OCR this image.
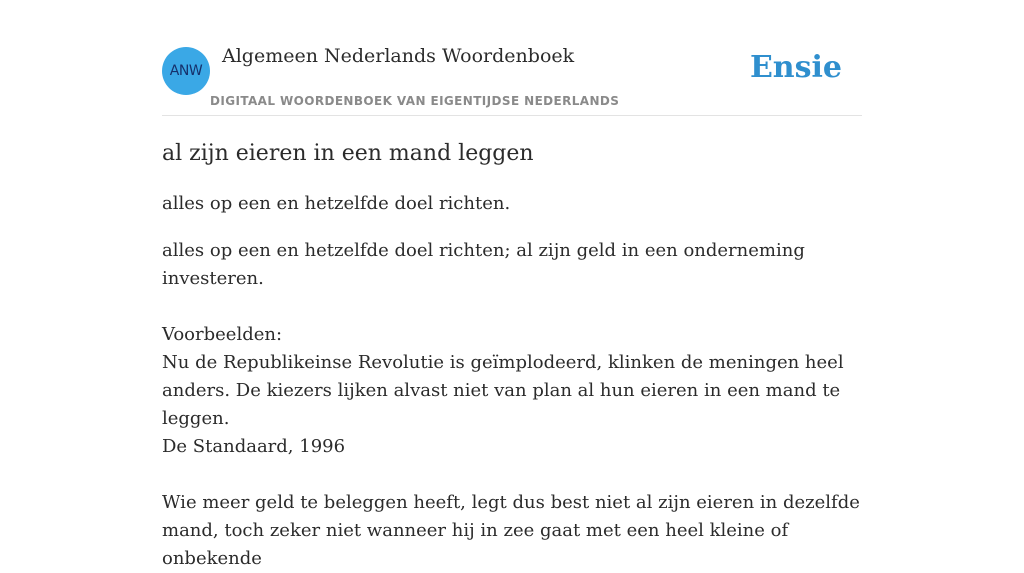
ANW
Algemeen Nederlands Woordenboek
DIGITAAL WOORDENBOEK VAN EIGENTIJDSE NEDERLANDS
Ensie
al zijn eieren in een mand leggen

alles op een en hetzelfde doel richten.

alles op een en hetzelfde doel richten; al zijn geld in een onderneming investeren.

Voorbeelden:

Nu de Republikeinse Revolutie is geïmplodeerd, klinken de meningen heel anders. De kiezers lijken alvast niet van plan al hun eieren in een mand te leggen.

De Standaard, 1996

Wie meer geld te beleggen heeft, legt dus best niet al zijn eieren in dezelfde mand, toch zeker niet wanneer hij in zee gaat met een heel kleine of onbekende
